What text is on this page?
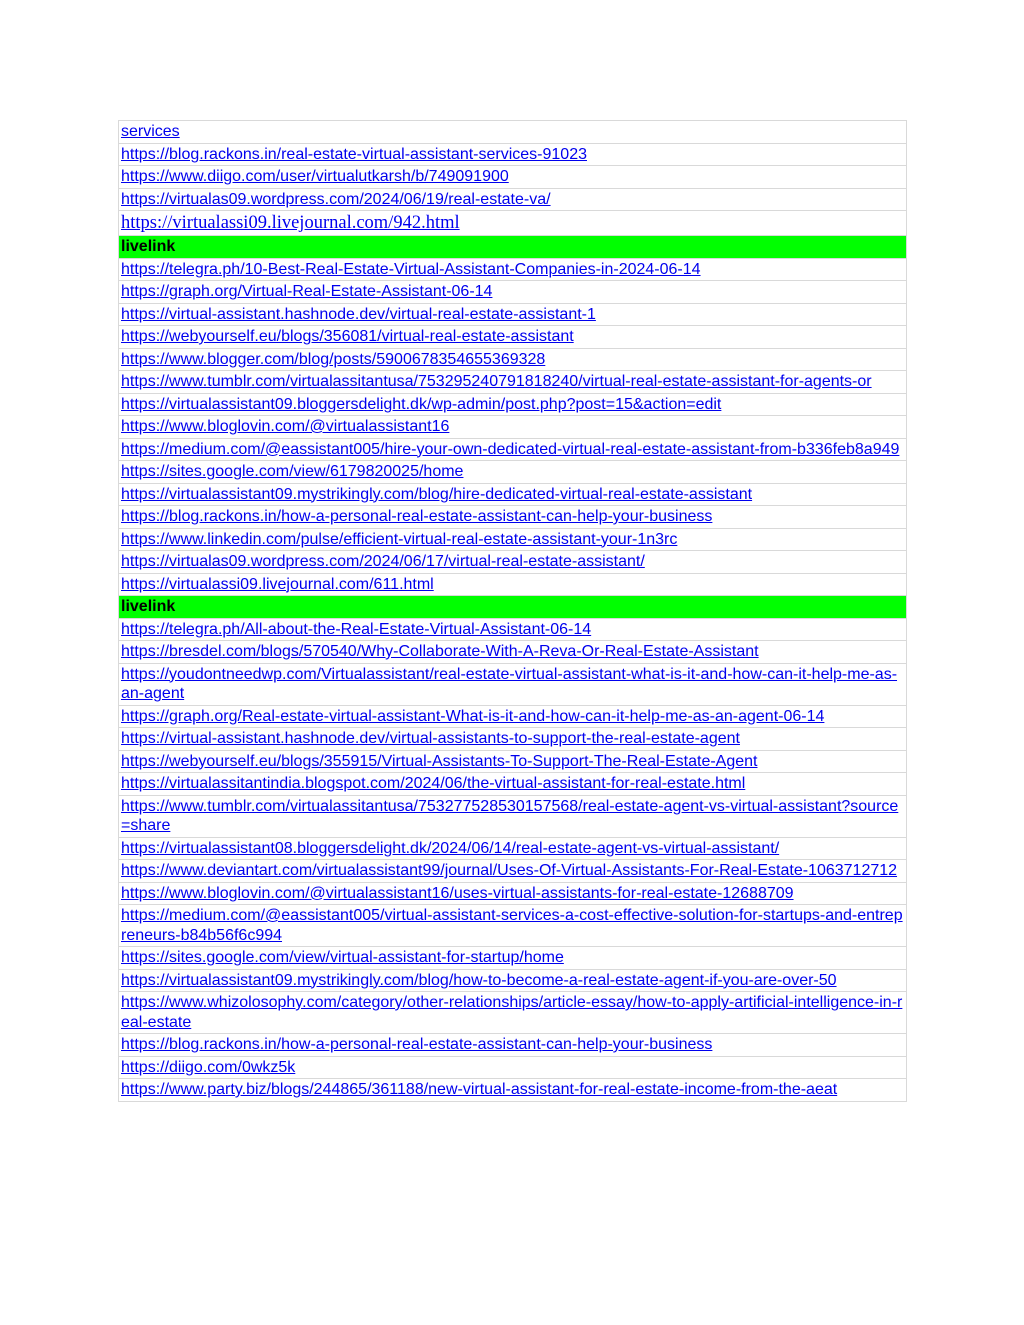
services
https://blog.rackons.in/real-estate-virtual-assistant-services-91023
https://www.diigo.com/user/virtualutkarsh/b/749091900
https://virtualas09.wordpress.com/2024/06/19/real-estate-va/
https://virtualassi09.livejournal.com/942.html
livelink
https://telegra.ph/10-Best-Real-Estate-Virtual-Assistant-Companies-in-2024-06-14
https://graph.org/Virtual-Real-Estate-Assistant-06-14
https://virtual-assistant.hashnode.dev/virtual-real-estate-assistant-1
https://webyourself.eu/blogs/356081/virtual-real-estate-assistant
https://www.blogger.com/blog/posts/5900678354655369328
https://www.tumblr.com/virtualassitantusa/753295240791818240/virtual-real-estate-assistant-for-agents-or
https://virtualassistant09.bloggersdelight.dk/wp-admin/post.php?post=15&action=edit
https://www.bloglovin.com/@virtualassistant16
https://medium.com/@eassistant005/hire-your-own-dedicated-virtual-real-estate-assistant-from-b336feb8a949
https://sites.google.com/view/6179820025/home
https://virtualassistant09.mystrikingly.com/blog/hire-dedicated-virtual-real-estate-assistant
https://blog.rackons.in/how-a-personal-real-estate-assistant-can-help-your-business
https://www.linkedin.com/pulse/efficient-virtual-real-estate-assistant-your-1n3rc
https://virtualas09.wordpress.com/2024/06/17/virtual-real-estate-assistant/
https://virtualassi09.livejournal.com/611.html
livelink
https://telegra.ph/All-about-the-Real-Estate-Virtual-Assistant-06-14
https://bresdel.com/blogs/570540/Why-Collaborate-With-A-Reva-Or-Real-Estate-Assistant
https://youdontneedwp.com/Virtualassistant/real-estate-virtual-assistant-what-is-it-and-how-can-it-help-me-as-an-agent
https://graph.org/Real-estate-virtual-assistant-What-is-it-and-how-can-it-help-me-as-an-agent-06-14
https://virtual-assistant.hashnode.dev/virtual-assistants-to-support-the-real-estate-agent
https://webyourself.eu/blogs/355915/Virtual-Assistants-To-Support-The-Real-Estate-Agent
https://virtualassitantindia.blogspot.com/2024/06/the-virtual-assistant-for-real-estate.html
https://www.tumblr.com/virtualassitantusa/753277528530157568/real-estate-agent-vs-virtual-assistant?source=share
https://virtualassistant08.bloggersdelight.dk/2024/06/14/real-estate-agent-vs-virtual-assistant/
https://www.deviantart.com/virtualassistant99/journal/Uses-Of-Virtual-Assistants-For-Real-Estate-1063712712
https://www.bloglovin.com/@virtualassistant16/uses-virtual-assistants-for-real-estate-12688709
https://medium.com/@eassistant005/virtual-assistant-services-a-cost-effective-solution-for-startups-and-entrepreneurs-b84b56f6c994
https://sites.google.com/view/virtual-assistant-for-startup/home
https://virtualassistant09.mystrikingly.com/blog/how-to-become-a-real-estate-agent-if-you-are-over-50
https://www.whizolosophy.com/category/other-relationships/article-essay/how-to-apply-artificial-intelligence-in-real-estate
https://blog.rackons.in/how-a-personal-real-estate-assistant-can-help-your-business
https://diigo.com/0wkz5k
https://www.party.biz/blogs/244865/361188/new-virtual-assistant-for-real-estate-income-from-the-aeat
